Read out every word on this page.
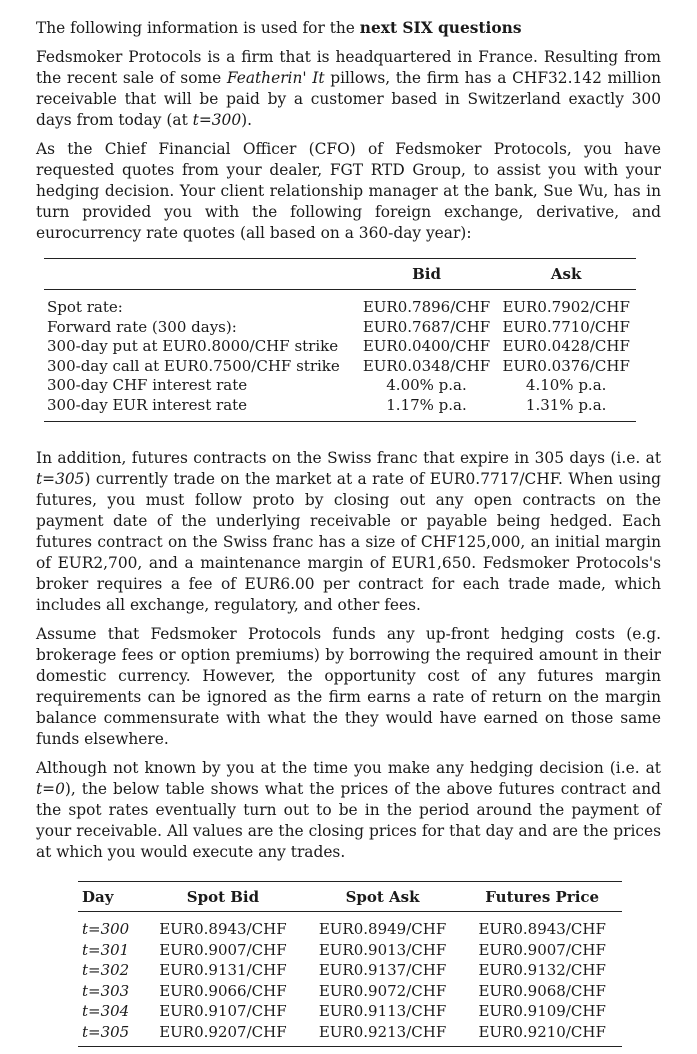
The following information is used for the next SIX questions

Fedsmoker Protocols is a firm that is headquartered in France. Resulting from the recent sale of some Featherin' It pillows, the firm has a CHF32.142 million receivable that will be paid by a customer based in Switzerland exactly 300 days from today (at t=300).

As the Chief Financial Officer (CFO) of Fedsmoker Protocols, you have requested quotes from your dealer, FGT RTD Group, to assist you with your hedging decision. Your client relationship manager at the bank, Sue Wu, has in turn provided you with the following foreign exchange, derivative, and eurocurrency rate quotes (all based on a 360-day year):

	Bid	Ask
Spot rate:	EUR0.7896/CHF	EUR0.7902/CHF
Forward rate (300 days):	EUR0.7687/CHF	EUR0.7710/CHF
300-day put at EUR0.8000/CHF strike	EUR0.0400/CHF	EUR0.0428/CHF
300-day call at EUR0.7500/CHF strike	EUR0.0348/CHF	EUR0.0376/CHF
300-day CHF interest rate	4.00% p.a.	4.10% p.a.
300-day EUR interest rate	1.17% p.a.	1.31% p.a.

In addition, futures contracts on the Swiss franc that expire in 305 days (i.e. at t=305) currently trade on the market at a rate of EUR0.7717/CHF. When using futures, you must follow proto by closing out any open contracts on the payment date of the underlying receivable or payable being hedged. Each futures contract on the Swiss franc has a size of CHF125,000, an initial margin of EUR2,700, and a maintenance margin of EUR1,650. Fedsmoker Protocols's broker requires a fee of EUR6.00 per contract for each trade made, which includes all exchange, regulatory, and other fees.

Assume that Fedsmoker Protocols funds any up-front hedging costs (e.g. brokerage fees or option premiums) by borrowing the required amount in their domestic currency. However, the opportunity cost of any futures margin requirements can be ignored as the firm earns a rate of return on the margin balance commensurate with what the they would have earned on those same funds elsewhere.

Although not known by you at the time you make any hedging decision (i.e. at t=0), the below table shows what the prices of the above futures contract and the spot rates eventually turn out to be in the period around the payment of your receivable. All values are the closing prices for that day and are the prices at which you would execute any trades.

Day	Spot Bid	Spot Ask	Futures Price
t=300	EUR0.8943/CHF	EUR0.8949/CHF	EUR0.8943/CHF
t=301	EUR0.9007/CHF	EUR0.9013/CHF	EUR0.9007/CHF
t=302	EUR0.9131/CHF	EUR0.9137/CHF	EUR0.9132/CHF
t=303	EUR0.9066/CHF	EUR0.9072/CHF	EUR0.9068/CHF
t=304	EUR0.9107/CHF	EUR0.9113/CHF	EUR0.9109/CHF
t=305	EUR0.9207/CHF	EUR0.9213/CHF	EUR0.9210/CHF
